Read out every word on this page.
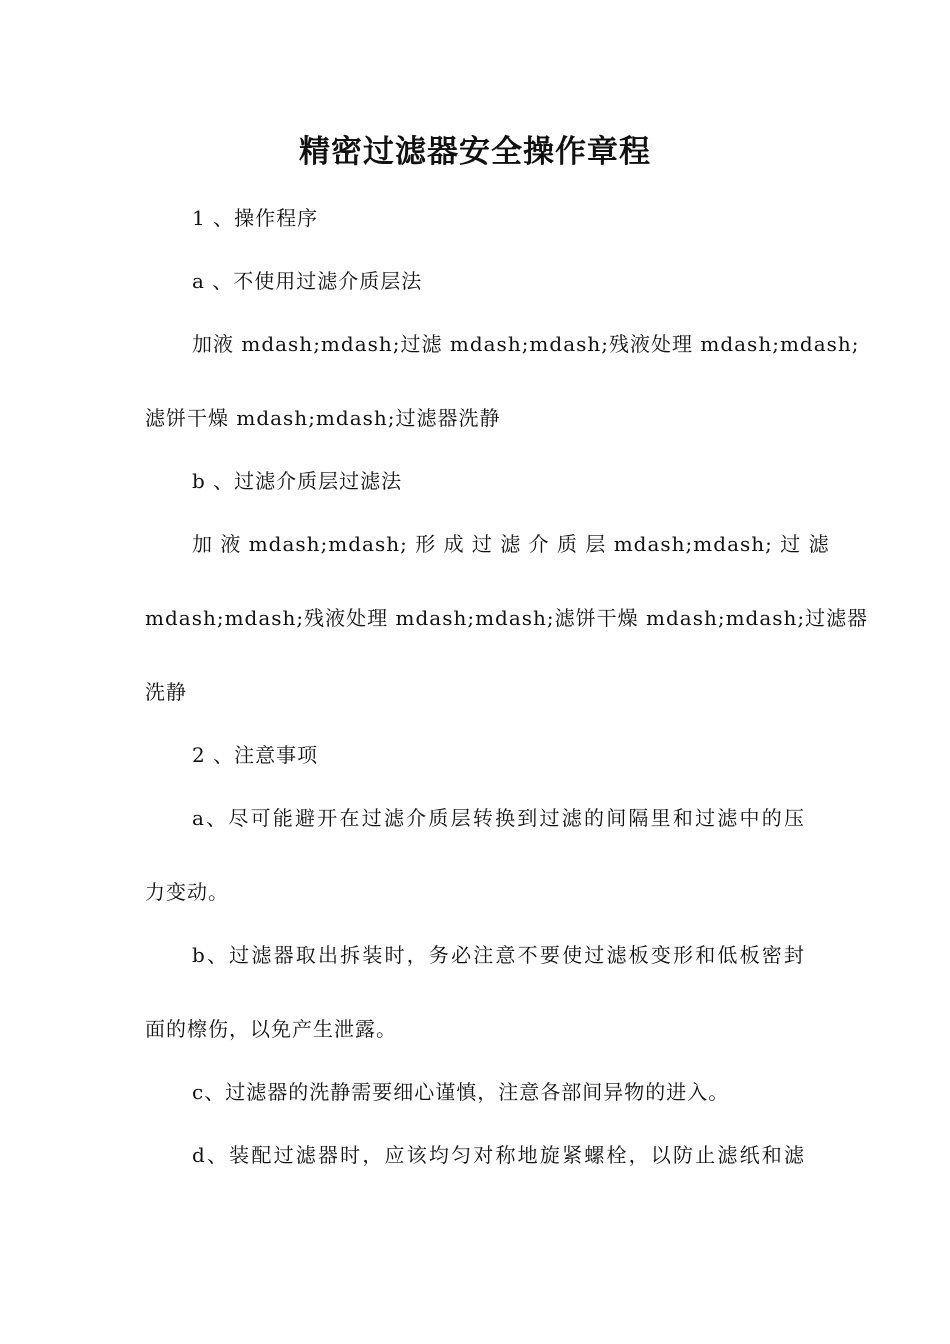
精密过滤器安全操作章程
1 、操作程序
a 、不使用过滤介质层法
加液 mdash;mdash;过滤 mdash;mdash;残液处理 mdash;mdash;
滤饼干燥 mdash;mdash;过滤器洗静
b 、过滤介质层过滤法
加 液 mdash;mdash; 形 成 过 滤 介 质 层 mdash;mdash; 过 滤
mdash;mdash;残液处理 mdash;mdash;滤饼干燥 mdash;mdash;过滤器
洗静
2 、注意事项
a、尽可能避开在过滤介质层转换到过滤的间隔里和过滤中的压
力变动。
b、过滤器取出拆装时，务必注意不要使过滤板变形和低板密封
面的檫伤，以免产生泄露。
c、过滤器的洗静需要细心谨慎，注意各部间异物的进入。
d、装配过滤器时，应该均匀对称地旋紧螺栓，以防止滤纸和滤
